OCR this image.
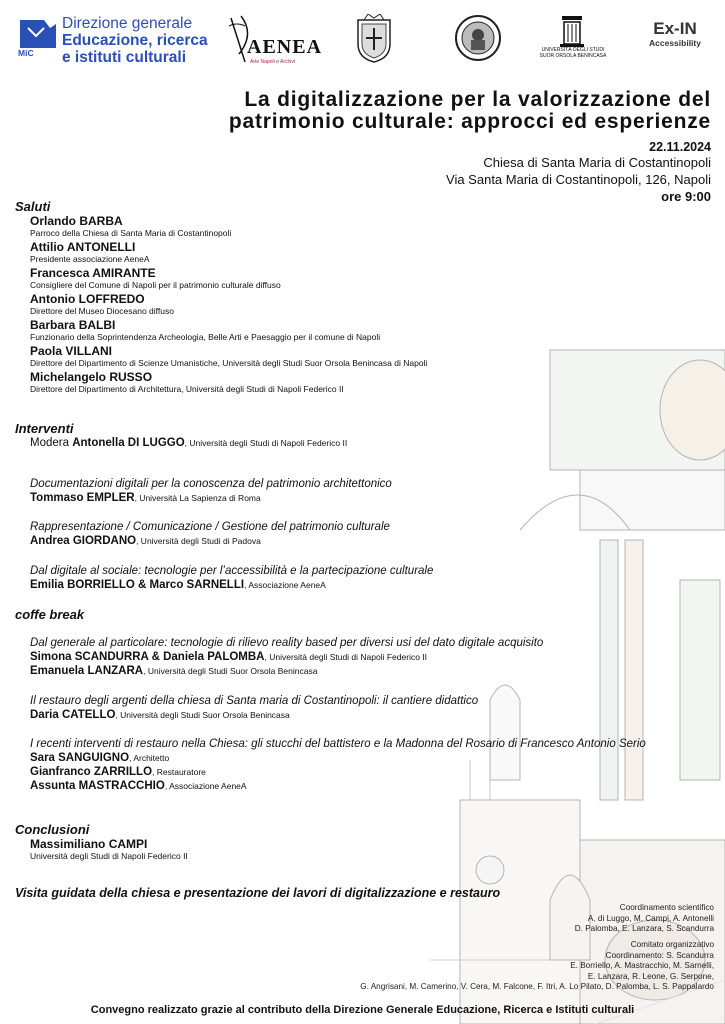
MiC
Direzione generale
Educazione, ricerca
e istituti culturali	AENEA
Arte Napoli e Archivi
UNIVERSITÀ DEGLI STUDI SUOR ORSOLA BENINCASA
Ex-IN
Accessibility
La digitalizzazione per la valorizzazione del
patrimonio culturale: approcci ed esperienze
22.11.2024
Chiesa di Santa Maria di Costantinopoli
Via Santa Maria di Costantinopoli, 126, Napoli
ore 9:00
Saluti
Orlando BARBA
Parroco della Chiesa di Santa Maria di Costantinopoli
Attilio ANTONELLI
Presidente associazione AeneA
Francesca AMIRANTE
Consigliere del Comune di Napoli per il patrimonio culturale diffuso
Antonio LOFFREDO
Direttore del Museo Diocesano diffuso
Barbara BALBI
Funzionario della Soprintendenza Archeologia, Belle Arti e Paesaggio per il comune di Napoli
Paola VILLANI
Direttore del Dipartimento di Scienze Umanistiche, Università degli Studi Suor Orsola Benincasa di Napoli
Michelangelo RUSSO
Direttore del Dipartimento di Architettura, Università degli Studi di Napoli Federico II
Interventi
Modera Antonella DI LUGGO, Università degli Studi di Napoli Federico II
Documentazioni digitali per la conoscenza del patrimonio architettonico
Tommaso EMPLER, Università La Sapienza di Roma
Rappresentazione / Comunicazione / Gestione del patrimonio culturale
Andrea GIORDANO, Università degli Studi di Padova
Dal digitale al sociale: tecnologie per l’accessibilità e la partecipazione culturale
Emilia BORRIELLO & Marco SARNELLI, Associazione AeneA
coffe break
Dal generale al particolare: tecnologie di rilievo reality based per diversi usi del dato digitale acquisito
Simona SCANDURRA & Daniela PALOMBA, Università degli Studi di Napoli Federico II
Emanuela LANZARA, Università degli Studi Suor Orsola Benincasa
Il restauro degli argenti della chiesa di Santa maria di Costantinopoli: il cantiere didattico
Daria CATELLO, Università degli Studi Suor Orsola Benincasa
I recenti interventi di restauro nella Chiesa: gli stucchi del battistero e la Madonna del Rosario di Francesco Antonio Serio
Sara SANGUIGNO, Architetto
Gianfranco ZARRILLO, Restauratore
Assunta MASTRACCHIO, Associazione AeneA
Conclusioni
Massimiliano CAMPI
Università degli Studi di Napoli Federico II
Visita guidata della chiesa e presentazione dei lavori di digitalizzazione e restauro
Coordinamento scientifico
A. di Luggo, M. Campi, A. Antonelli
D. Palomba, E. Lanzara, S. Scandurra
Comitato organizzativo
Coordinamento: S. Scandurra
E. Borriello, A. Mastracchio, M. Sarnelli,
E. Lanzara, R. Leone, G. Serpone,
G. Angrisani, M. Camerino, V. Cera, M. Falcone, F. Itri, A. Lo Pilato, D. Palomba, L. S. Pappalardo
Convegno realizzato grazie al contributo della Direzione Generale Educazione, Ricerca e Istituti culturali
